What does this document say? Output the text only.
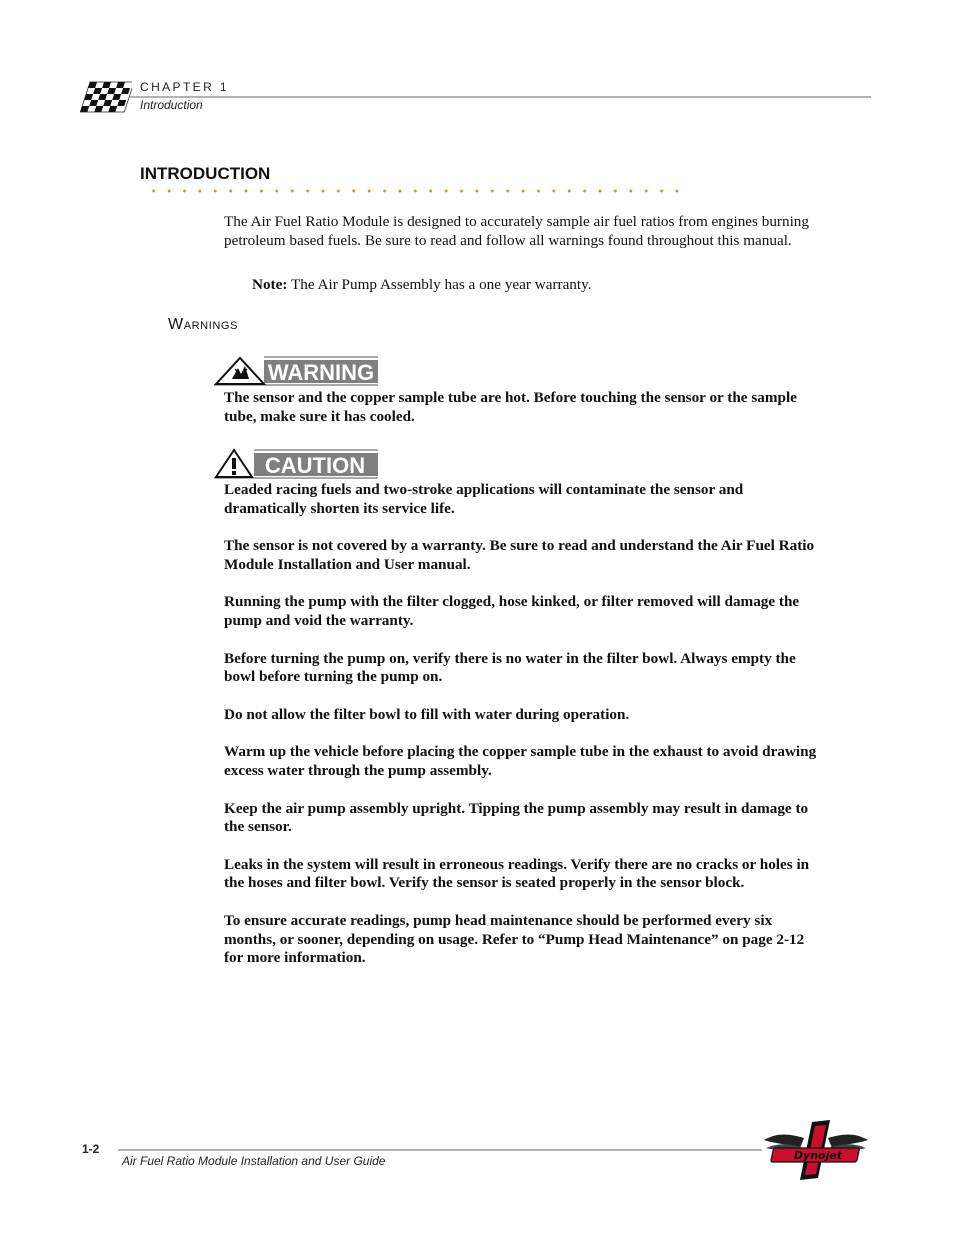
CHAPTER 1
Introduction
INTRODUCTION
The Air Fuel Ratio Module is designed to accurately sample air fuel ratios from engines burning petroleum based fuels. Be sure to read and follow all warnings found throughout this manual.
Note: The Air Pump Assembly has a one year warranty.
Warnings
WARNING
The sensor and the copper sample tube are hot. Before touching the sensor or the sample tube, make sure it has cooled.
CAUTION
Leaded racing fuels and two-stroke applications will contaminate the sensor and dramatically shorten its service life.
The sensor is not covered by a warranty. Be sure to read and understand the Air Fuel Ratio Module Installation and User manual.
Running the pump with the filter clogged, hose kinked, or filter removed will damage the pump and void the warranty.
Before turning the pump on, verify there is no water in the filter bowl. Always empty the bowl before turning the pump on.
Do not allow the filter bowl to fill with water during operation.
Warm up the vehicle before placing the copper sample tube in the exhaust to avoid drawing excess water through the pump assembly.
Keep the air pump assembly upright. Tipping the pump assembly may result in damage to the sensor.
Leaks in the system will result in erroneous readings. Verify there are no cracks or holes in the hoses and filter bowl. Verify the sensor is seated properly in the sensor block.
To ensure accurate readings, pump head maintenance should be performed every six months, or sooner, depending on usage. Refer to “Pump Head Maintenance” on page 2-12 for more information.
1-2
Air Fuel Ratio Module Installation and User Guide	Dynojet
